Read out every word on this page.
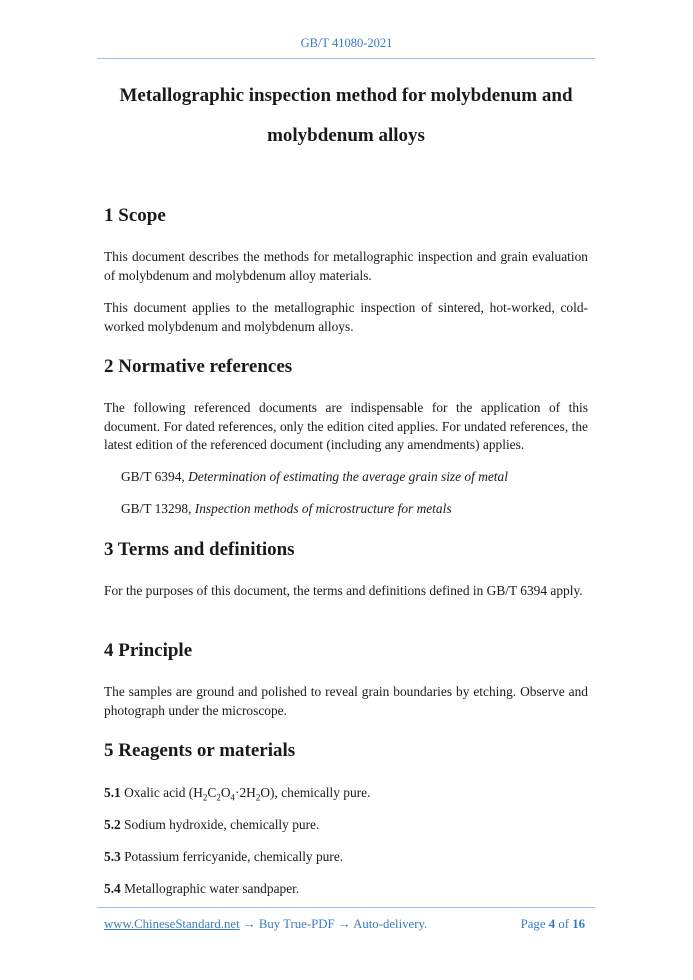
GB/T 41080-2021
Metallographic inspection method for molybdenum and
molybdenum alloys
1 Scope

This document describes the methods for metallographic inspection and grain evaluation of molybdenum and molybdenum alloy materials.

This document applies to the metallographic inspection of sintered, hot-worked, cold-worked molybdenum and molybdenum alloys.

2 Normative references

The following referenced documents are indispensable for the application of this document. For dated references, only the edition cited applies. For undated references, the latest edition of the referenced document (including any amendments) applies.

GB/T 6394, Determination of estimating the average grain size of metal

GB/T 13298, Inspection methods of microstructure for metals

3 Terms and definitions

For the purposes of this document, the terms and definitions defined in GB/T 6394 apply.

4 Principle

The samples are ground and polished to reveal grain boundaries by etching. Observe and photograph under the microscope.

5 Reagents or materials

5.1 Oxalic acid $(H_2C_2O_4\cdot 2H_2O)$, chemically pure.

5.2 Sodium hydroxide, chemically pure.

5.3 Potassium ferricyanide, chemically pure.

5.4 Metallographic water sandpaper.

www.ChineseStandard.net → Buy True-PDF → Auto-delivery.	Page 4 of 16
